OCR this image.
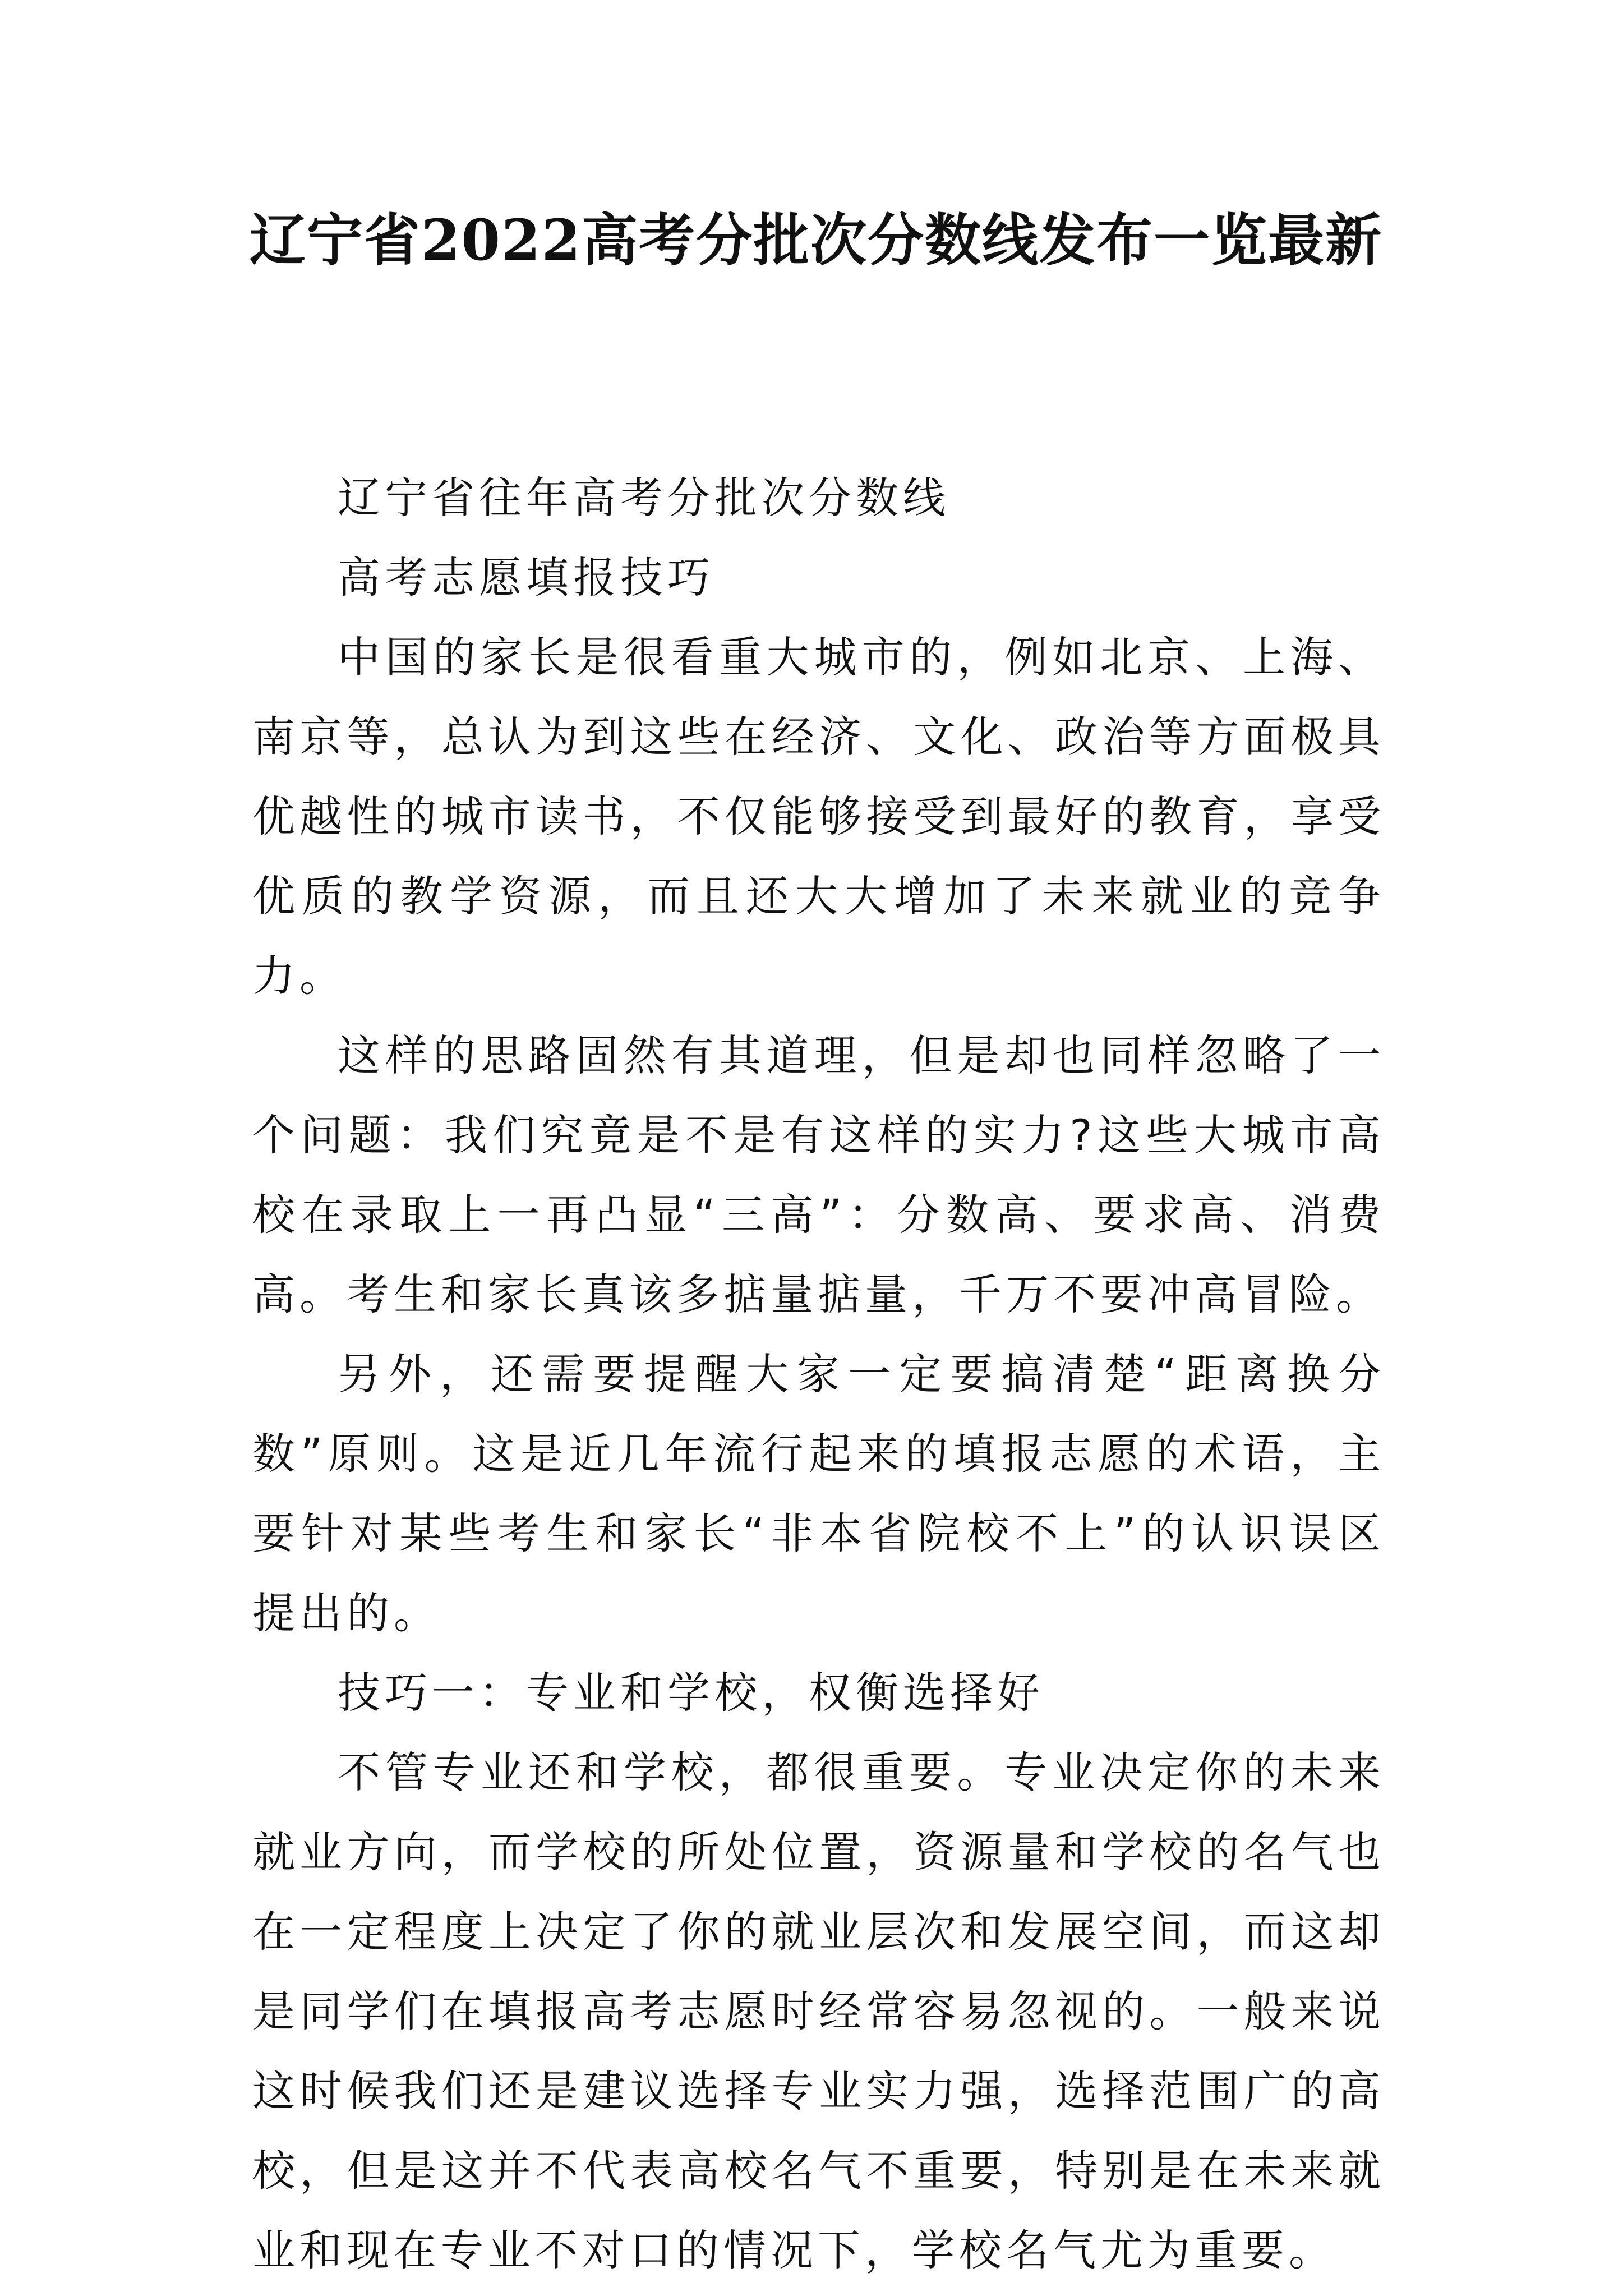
辽宁省2022高考分批次分数线发布一览最新

辽宁省往年高考分批次分数线

高考志愿填报技巧

中国的家长是很看重大城市的，例如北京、上海、南京等，总认为到这些在经济、文化、政治等方面极具优越性的城市读书，不仅能够接受到最好的教育，享受优质的教学资源，而且还大大增加了未来就业的竞争力。

这样的思路固然有其道理，但是却也同样忽略了一个问题：我们究竟是不是有这样的实力?这些大城市高校在录取上一再凸显“三高”：分数高、要求高、消费高。考生和家长真该多掂量掂量，千万不要冲高冒险。

另外，还需要提醒大家一定要搞清楚“距离换分数”原则。这是近几年流行起来的填报志愿的术语，主要针对某些考生和家长“非本省院校不上”的认识误区提出的。

技巧一：专业和学校，权衡选择好

不管专业还和学校，都很重要。专业决定你的未来就业方向，而学校的所处位置，资源量和学校的名气也在一定程度上决定了你的就业层次和发展空间，而这却是同学们在填报高考志愿时经常容易忽视的。一般来说这时候我们还是建议选择专业实力强，选择范围广的高校，但是这并不代表高校名气不重要，特别是在未来就业和现在专业不对口的情况下，学校名气尤为重要。
